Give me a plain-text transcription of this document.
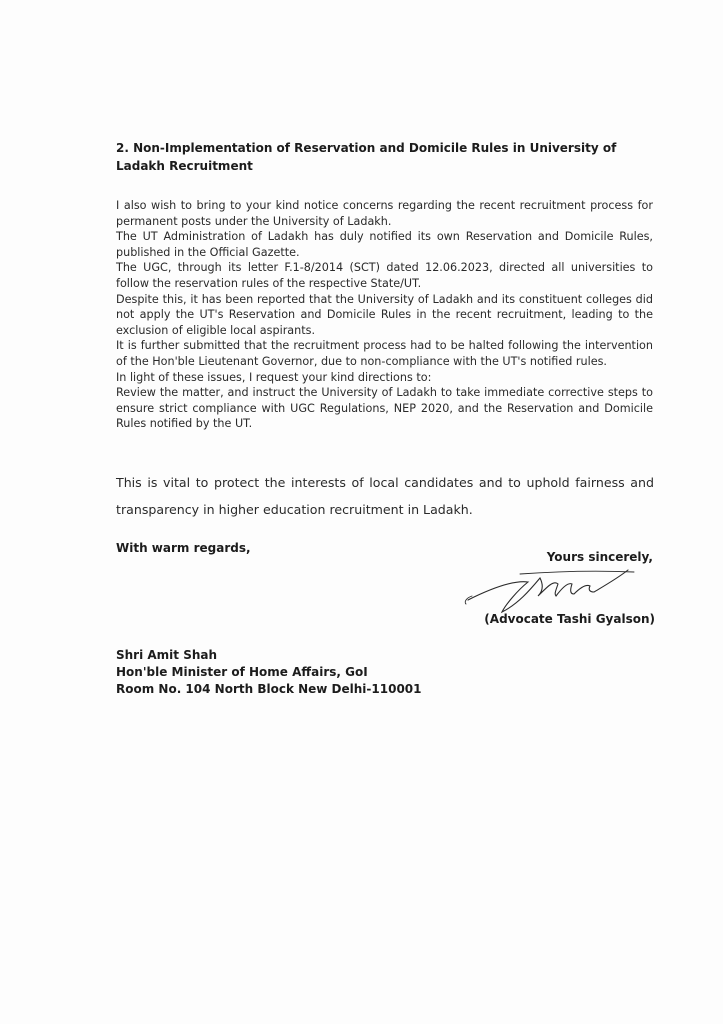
2. Non-Implementation of Reservation and Domicile Rules in University of Ladakh Recruitment

I also wish to bring to your kind notice concerns regarding the recent recruitment process for permanent posts under the University of Ladakh.

The UT Administration of Ladakh has duly notified its own Reservation and Domicile Rules, published in the Official Gazette.

The UGC, through its letter F.1-8/2014 (SCT) dated 12.06.2023, directed all universities to follow the reservation rules of the respective State/UT.

Despite this, it has been reported that the University of Ladakh and its constituent colleges did not apply the UT's Reservation and Domicile Rules in the recent recruitment, leading to the exclusion of eligible local aspirants.

It is further submitted that the recruitment process had to be halted following the intervention of the Hon'ble Lieutenant Governor, due to non-compliance with the UT's notified rules.

In light of these issues, I request your kind directions to:

Review the matter, and instruct the University of Ladakh to take immediate corrective steps to ensure strict compliance with UGC Regulations, NEP 2020, and the Reservation and Domicile Rules notified by the UT.

This is vital to protect the interests of local candidates and to uphold fairness and transparency in higher education recruitment in Ladakh.
With warm regards,
Yours sincerely,
(Advocate Tashi Gyalson)
Shri Amit Shah
Hon'ble Minister of Home Affairs, GoI
Room No. 104 North Block New Delhi-110001
